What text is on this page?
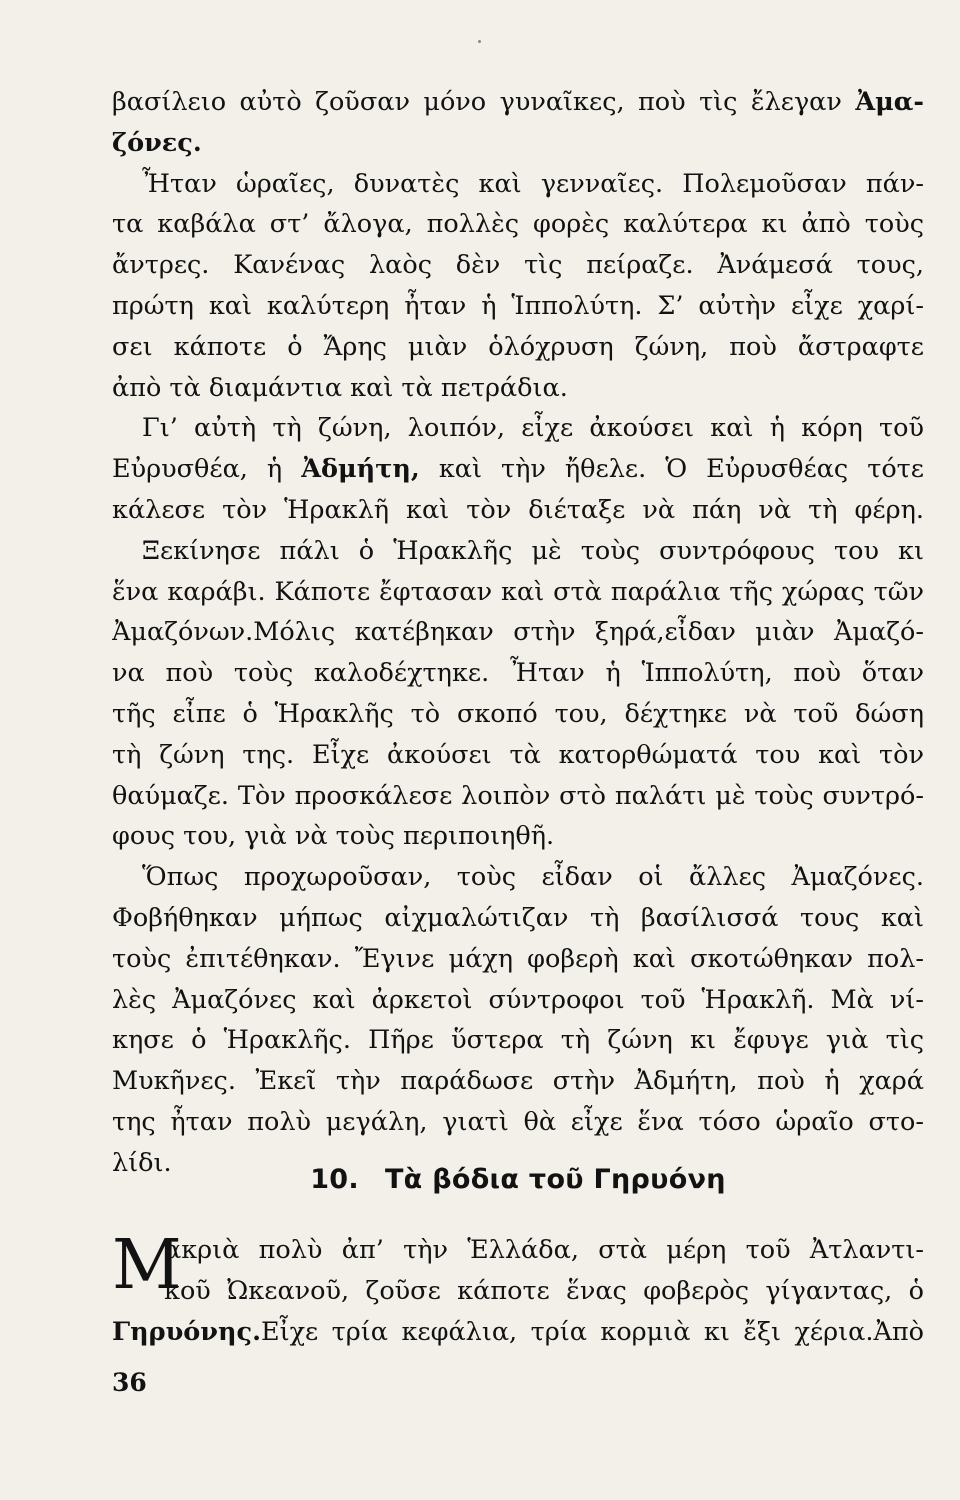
βασίλειο αὐτὸ ζοῦσαν μόνο γυναῖκες, ποὺ τὶς ἔλεγαν Ἀμα-
ζόνες.
Ἦταν ὡραῖες, δυνατὲς καὶ γενναῖες. Πολεμοῦσαν πάν-
τα καβάλα στ’ ἄλογα, πολλὲς φορὲς καλύτερα κι ἀπὸ τοὺς
ἄντρες. Κανένας λαὸς δὲν τὶς πείραζε. Ἀνάμεσά τους,
πρώτη καὶ καλύτερη ἦταν ἡ Ἱππολύτη. Σ’ αὐτὴν εἶχε χαρί-
σει κάποτε ὁ Ἄρης μιὰν ὁλόχρυση ζώνη, ποὺ ἄστραφτε
ἀπὸ τὰ διαμάντια καὶ τὰ πετράδια.
Γι’ αὐτὴ τὴ ζώνη, λοιπόν, εἶχε ἀκούσει καὶ ἡ κόρη τοῦ
Εὐρυσθέα, ἡ Ἀδμήτη, καὶ τὴν ἤθελε. Ὁ Εὐρυσθέας τότε
κάλεσε τὸν Ἡρακλῆ καὶ τὸν διέταξε νὰ πάη νὰ τὴ φέρη.
Ξεκίνησε πάλι ὁ Ἡρακλῆς μὲ τοὺς συντρόφους του κι
ἕνα καράβι. Κάποτε ἔφτασαν καὶ στὰ παράλια τῆς χώρας τῶν
Ἀμαζόνων.Μόλις κατέβηκαν στὴν ξηρά,εἶδαν μιὰν Ἀμαζό-
να ποὺ τοὺς καλοδέχτηκε. Ἦταν ἡ Ἱππολύτη, ποὺ ὅταν
τῆς εἶπε ὁ Ἡρακλῆς τὸ σκοπό του, δέχτηκε νὰ τοῦ δώση
τὴ ζώνη της. Εἶχε ἀκούσει τὰ κατορθώματά του καὶ τὸν
θαύμαζε. Τὸν προσκάλεσε λοιπὸν στὸ παλάτι μὲ τοὺς συντρό-
φους του, γιὰ νὰ τοὺς περιποιηθῆ.
Ὅπως προχωροῦσαν, τοὺς εἶδαν οἱ ἄλλες Ἀμαζόνες.
Φοβήθηκαν μήπως αἰχμαλώτιζαν τὴ βασίλισσά τους καὶ
τοὺς ἐπιτέθηκαν. Ἔγινε μάχη φοβερὴ καὶ σκοτώθηκαν πολ-
λὲς Ἀμαζόνες καὶ ἀρκετοὶ σύντροφοι τοῦ Ἡρακλῆ. Μὰ νί-
κησε ὁ Ἡρακλῆς. Πῆρε ὕστερα τὴ ζώνη κι ἔφυγε γιὰ τὶς
Μυκῆνες. Ἐκεῖ τὴν παράδωσε στὴν Ἀδμήτη, ποὺ ἡ χαρά
της ἦταν πολὺ μεγάλη, γιατὶ θὰ εἶχε ἕνα τόσο ὡραῖο στο-
λίδι.
10. Τὰ βόδια τοῦ Γηρυόνη
Μ
ακριὰ πολὺ ἀπ’ τὴν Ἑλλάδα, στὰ μέρη τοῦ Ἀτλαντι-
κοῦ Ὠκεανοῦ, ζοῦσε κάποτε ἕνας φοβερὸς γίγαντας, ὁ
Γηρυόνης.Εἶχε τρία κεφάλια, τρία κορμιὰ κι ἔξι χέρια.Ἀπὸ
36
